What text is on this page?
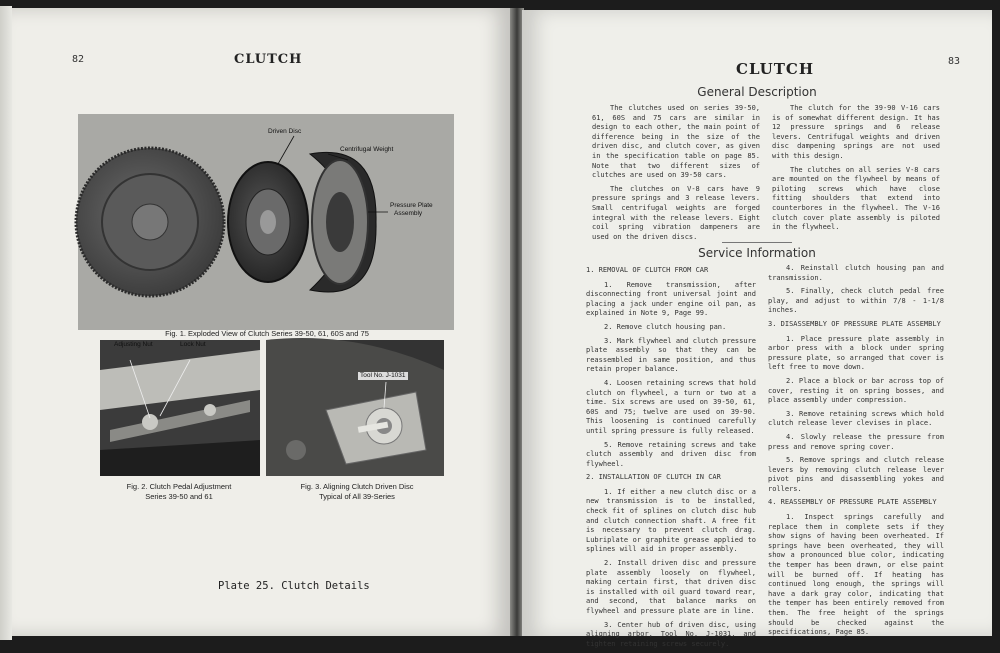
82	CLUTCH
Driven Disc
Centrifugal Weight
Pressure Plate
Assembly
Fig. 1. Exploded View of Clutch Series 39-50, 61, 60S and 75
Adjusting Nut	Lock Nut
Fig. 2. Clutch Pedal Adjustment
Series 39-50 and 61
Tool No. J-1031
Fig. 3. Aligning Clutch Driven Disc
Typical of All 39-Series
Plate 25. Clutch Details
83
CLUTCH
General Description

The clutches used on series 39-50, 61, 60S and 75 cars are similar in design to each other, the main point of difference being in the size of the driven disc, and clutch cover, as given in the specification table on page 85. Note that two different sizes of clutches are used on 39-50 cars.

The clutches on V-8 cars have 9 pressure springs and 3 release levers. Small centrifugal weights are forged integral with the release levers. Eight coil spring vibration dampeners are used on the driven discs.

The clutch for the 39-90 V-16 cars is of somewhat different design. It has 12 pressure springs and 6 release levers. Centrifugal weights and driven disc dampening springs are not used with this design.

The clutches on all series V-8 cars are mounted on the flywheel by means of piloting screws which have close fitting shoulders that extend into counterbores in the flywheel. The V-16 clutch cover plate assembly is piloted in the flywheel.

Service Information

1. REMOVAL OF CLUTCH FROM CAR

1. Remove transmission, after disconnecting front universal joint and placing a jack under engine oil pan, as explained in Note 9, Page 99.

2. Remove clutch housing pan.

3. Mark flywheel and clutch pressure plate assembly so that they can be reassembled in same position, and thus retain proper balance.

4. Loosen retaining screws that hold clutch on flywheel, a turn or two at a time. Six screws are used on 39-50, 61, 60S and 75; twelve are used on 39-90. This loosening is continued carefully until spring pressure is fully released.

5. Remove retaining screws and take clutch assembly and driven disc from flywheel.

2. INSTALLATION OF CLUTCH IN CAR

1. If either a new clutch disc or a new transmission is to be installed, check fit of splines on clutch disc hub and clutch connection shaft. A free fit is necessary to prevent clutch drag. Lubriplate or graphite grease applied to splines will aid in proper assembly.

2. Install driven disc and pressure plate assembly loosely on flywheel, making certain first, that driven disc is installed with oil guard toward rear, and second, that balance marks on flywheel and pressure plate are in line.

3. Center hub of driven disc, using aligning arbor, Tool No. J-1031, and tighten retaining screws securely.

4. Reinstall clutch housing pan and transmission.

5. Finally, check clutch pedal free play, and adjust to within 7/8 - 1-1/8 inches.

3. DISASSEMBLY OF PRESSURE PLATE ASSEMBLY

1. Place pressure plate assembly in arbor press with a block under spring pressure plate, so arranged that cover is left free to move down.

2. Place a block or bar across top of cover, resting it on spring bosses, and place assembly under compression.

3. Remove retaining screws which hold clutch release lever clevises in place.

4. Slowly release the pressure from press and remove spring cover.

5. Remove springs and clutch release levers by removing clutch release lever pivot pins and disassembling yokes and rollers.

4. REASSEMBLY OF PRESSURE PLATE ASSEMBLY

1. Inspect springs carefully and replace them in complete sets if they show signs of having been overheated. If springs have been overheated, they will show a pronounced blue color, indicating the temper has been drawn, or else paint will be burned off. If heating has continued long enough, the springs will have a dark gray color, indicating that the temper has been entirely removed from them. The free height of the springs should be checked against the specifications, Page 85.
